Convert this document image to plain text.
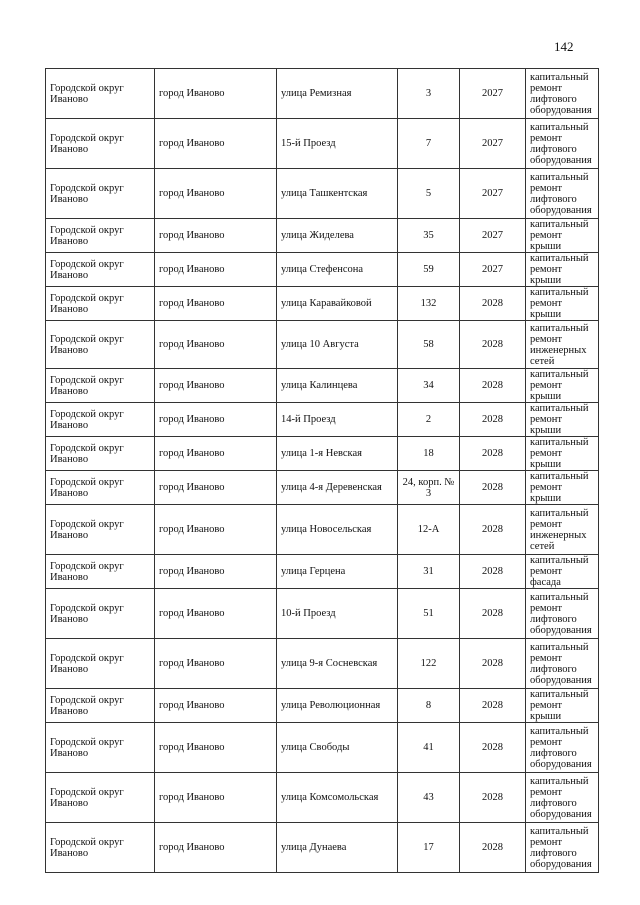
142
Городской округ Иваново	город Иваново	улица Ремизная	3	2027	капитальный ремонт лифтового оборудования
Городской округ Иваново	город Иваново	15-й Проезд	7	2027	капитальный ремонт лифтового оборудования
Городской округ Иваново	город Иваново	улица Ташкентская	5	2027	капитальный ремонт лифтового оборудования
Городской округ Иваново	город Иваново	улица Жиделева	35	2027	капитальный ремонт крыши
Городской округ Иваново	город Иваново	улица Стефенсона	59	2027	капитальный ремонт крыши
Городской округ Иваново	город Иваново	улица Каравайковой	132	2028	капитальный ремонт крыши
Городской округ Иваново	город Иваново	улица 10 Августа	58	2028	капитальный ремонт инженерных сетей
Городской округ Иваново	город Иваново	улица Калинцева	34	2028	капитальный ремонт крыши
Городской округ Иваново	город Иваново	14-й Проезд	2	2028	капитальный ремонт крыши
Городской округ Иваново	город Иваново	улица 1-я Невская	18	2028	капитальный ремонт крыши
Городской округ Иваново	город Иваново	улица 4-я Деревенская	24, корп. № 3	2028	капитальный ремонт крыши
Городской округ Иваново	город Иваново	улица Новосельская	12-А	2028	капитальный ремонт инженерных сетей
Городской округ Иваново	город Иваново	улица Герцена	31	2028	капитальный ремонт фасада
Городской округ Иваново	город Иваново	10-й Проезд	51	2028	капитальный ремонт лифтового оборудования
Городской округ Иваново	город Иваново	улица 9-я Сосневская	122	2028	капитальный ремонт лифтового оборудования
Городской округ Иваново	город Иваново	улица Революционная	8	2028	капитальный ремонт крыши
Городской округ Иваново	город Иваново	улица Свободы	41	2028	капитальный ремонт лифтового оборудования
Городской округ Иваново	город Иваново	улица Комсомольская	43	2028	капитальный ремонт лифтового оборудования
Городской округ Иваново	город Иваново	улица Дунаева	17	2028	капитальный ремонт лифтового оборудования
